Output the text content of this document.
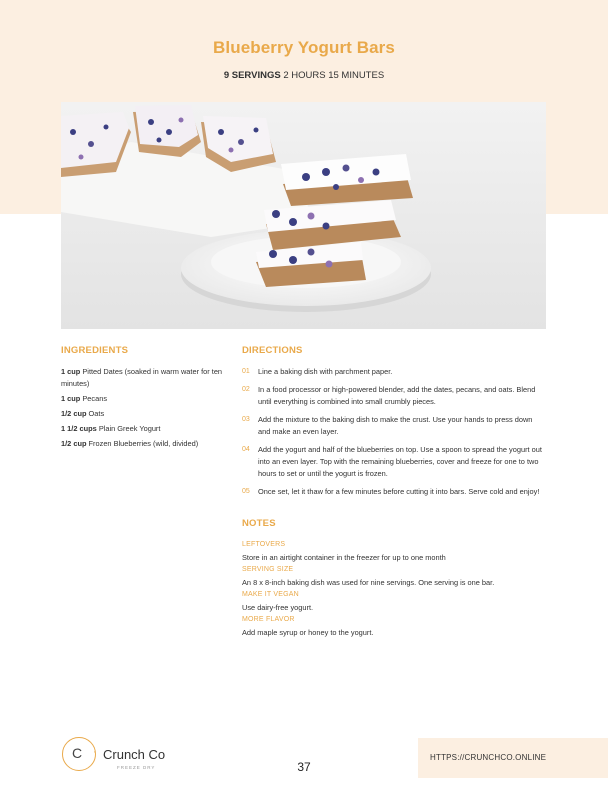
Blueberry Yogurt Bars
9 SERVINGS 2 HOURS 15 MINUTES
INGREDIENTS
1 cup Pitted Dates (soaked in warm water for ten minutes)
1 cup Pecans
1/2 cup Oats
1 1/2 cups Plain Greek Yogurt
1/2 cup Frozen Blueberries (wild, divided)
DIRECTIONS
01 Line a baking dish with parchment paper.
02 In a food processor or high-powered blender, add the dates, pecans, and oats. Blend until everything is combined into small crumbly pieces.
03 Add the mixture to the baking dish to make the crust. Use your hands to press down and make an even layer.
04 Add the yogurt and half of the blueberries on top. Use a spoon to spread the yogurt out into an even layer. Top with the remaining blueberries, cover and freeze for one to two hours to set or until the yogurt is frozen.
05 Once set, let it thaw for a few minutes before cutting it into bars. Serve cold and enjoy!
NOTES
LEFTOVERS
Store in an airtight container in the freezer for up to one month
SERVING SIZE
An 8 x 8-inch baking dish was used for nine servings. One serving is one bar.
MAKE IT VEGAN
Use dairy-free yogurt.
MORE FLAVOR
Add maple syrup or honey to the yogurt.
C · Crunch Co
FREEZE DRY	37
HTTPS://CRUNCHCO.ONLINE
